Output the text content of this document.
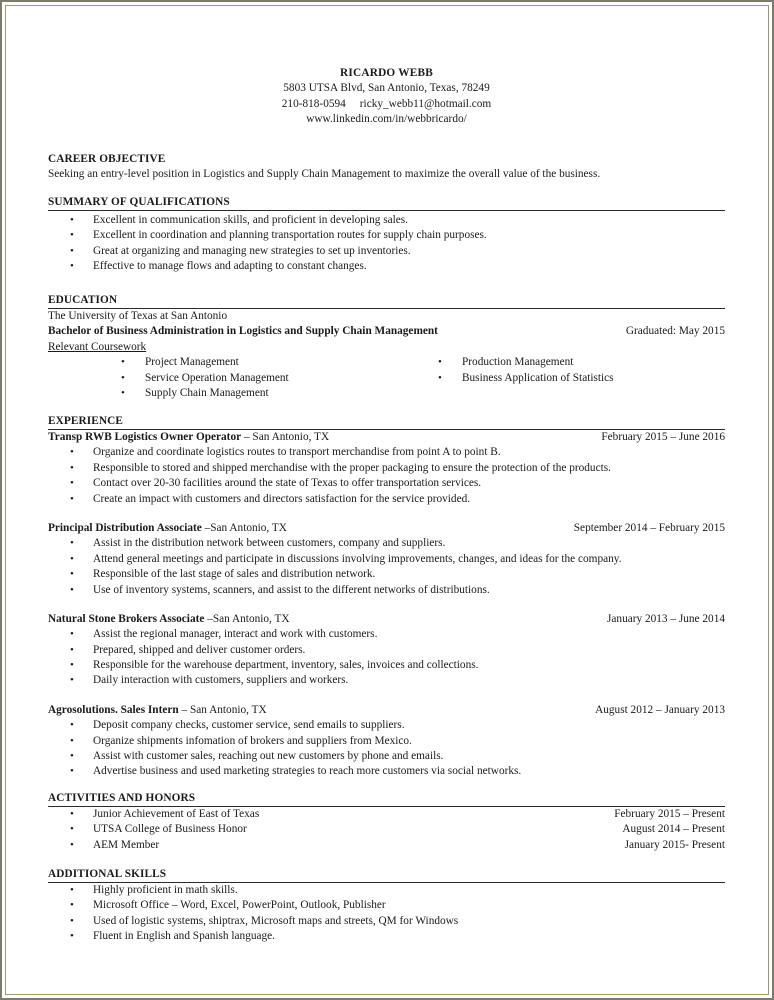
RICARDO WEBB
5803 UTSA Blvd, San Antonio, Texas, 78249
210-818-0594 ricky_webb11@hotmail.com
www.linkedin.com/in/webbricardo/
CAREER OBJECTIVE
Seeking an entry-level position in Logistics and Supply Chain Management to maximize the overall value of the business.
SUMMARY OF QUALIFICATIONS
• Excellent in communication skills, and proficient in developing sales.
• Excellent in coordination and planning transportation routes for supply chain purposes.
• Great at organizing and managing new strategies to set up inventories.
• Effective to manage flows and adapting to constant changes.
EDUCATION
The University of Texas at San Antonio
Bachelor of Business Administration in Logistics and Supply Chain Management	Graduated: May 2015
Relevant Coursework
• Project Management
• Service Operation Management
• Supply Chain Management
• Production Management
• Business Application of Statistics
EXPERIENCE
Transp RWB Logistics Owner Operator – San Antonio, TX	February 2015 – June 2016
• Organize and coordinate logistics routes to transport merchandise from point A to point B.
• Responsible to stored and shipped merchandise with the proper packaging to ensure the protection of the products.
• Contact over 20-30 facilities around the state of Texas to offer transportation services.
• Create an impact with customers and directors satisfaction for the service provided.
Principal Distribution Associate –San Antonio, TX	September 2014 – February 2015
• Assist in the distribution network between customers, company and suppliers.
• Attend general meetings and participate in discussions involving improvements, changes, and ideas for the company.
• Responsible of the last stage of sales and distribution network.
• Use of inventory systems, scanners, and assist to the different networks of distributions.
Natural Stone Brokers Associate –San Antonio, TX	January 2013 – June 2014
• Assist the regional manager, interact and work with customers.
• Prepared, shipped and deliver customer orders.
• Responsible for the warehouse department, inventory, sales, invoices and collections.
• Daily interaction with customers, suppliers and workers.
Agrosolutions. Sales Intern – San Antonio, TX	August 2012 – January 2013
• Deposit company checks, customer service, send emails to suppliers.
• Organize shipments infomation of brokers and suppliers from Mexico.
• Assist with customer sales, reaching out new customers by phone and emails.
• Advertise business and used marketing strategies to reach more customers via social networks.
ACTIVITIES AND HONORS
• Junior Achievement of East of Texas	February 2015 – Present
• UTSA College of Business Honor	August 2014 – Present
• AEM Member	January 2015- Present
ADDITIONAL SKILLS
• Highly proficient in math skills.
• Microsoft Office – Word, Excel, PowerPoint, Outlook, Publisher
• Used of logistic systems, shiptrax, Microsoft maps and streets, QM for Windows
• Fluent in English and Spanish language.
